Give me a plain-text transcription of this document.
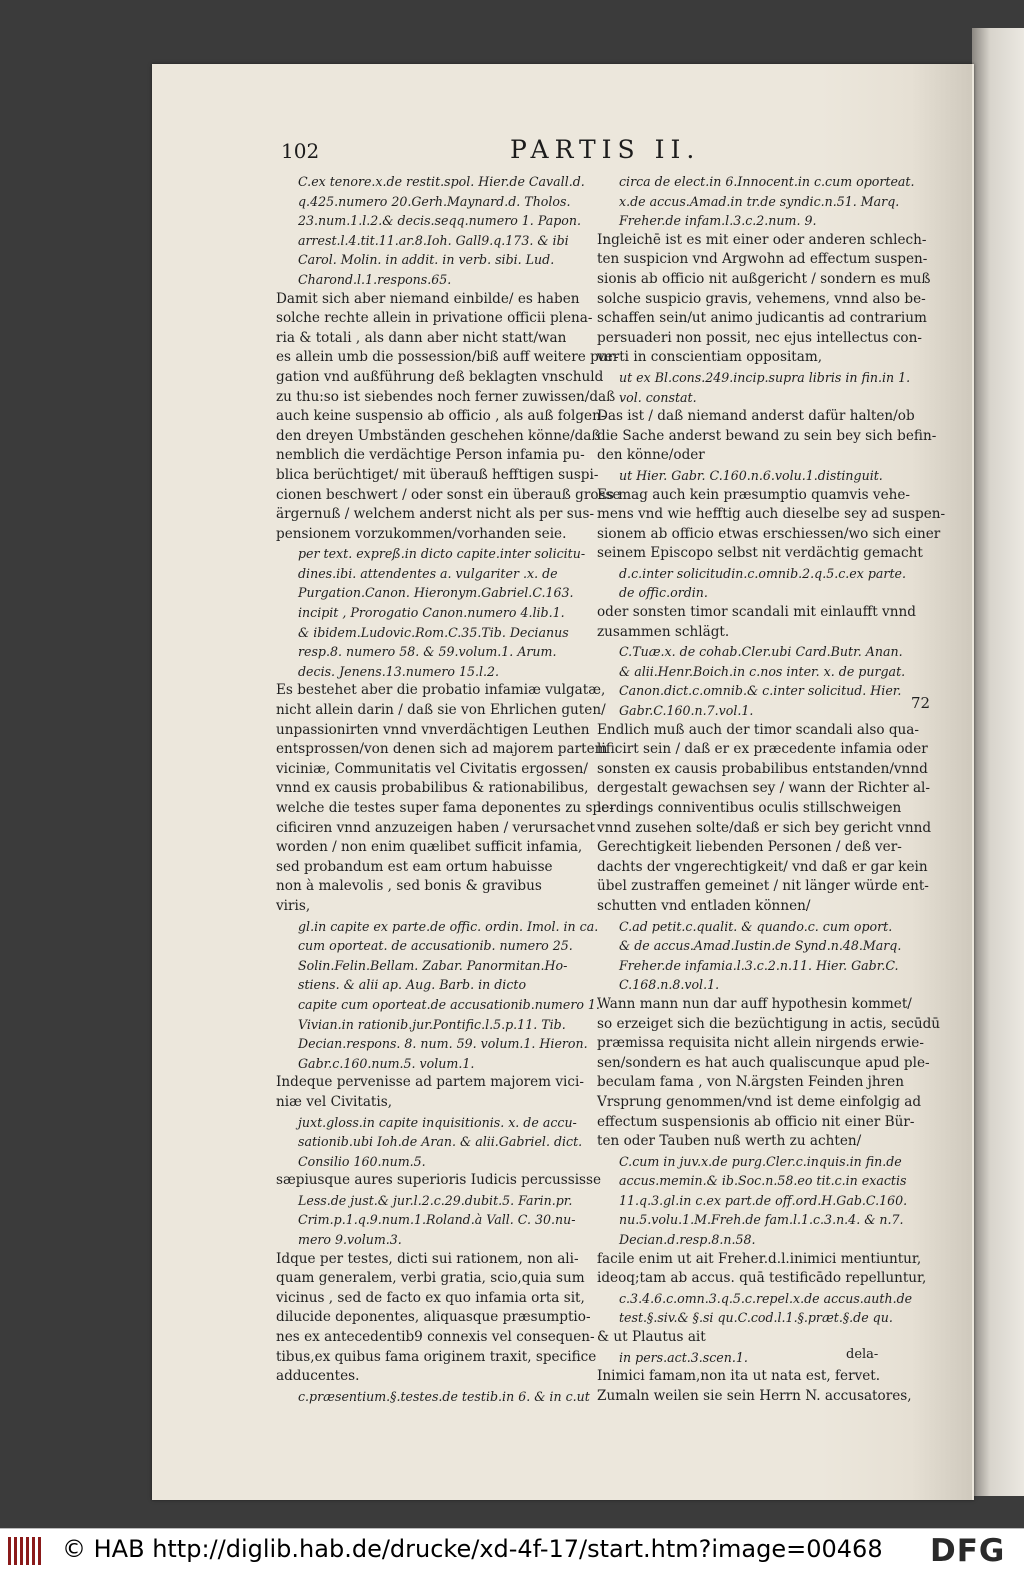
102	PARTIS II.
C.ex tenore.x.de restit.spol. Hier.de Cavall.d.
q.425.numero 20.Gerh.Maynard.d. Tholos.
23.num.1.l.2.& decis.seqq.numero 1. Papon.
arrest.l.4.tit.11.ar.8.Ioh. Gall9.q.173. & ibi
Carol. Molin. in addit. in verb. sibi. Lud.
Charond.l.1.respons.65.
Damit sich aber niemand einbilde/ es haben
solche rechte allein in privatione officii plena-
ria & totali , als dann aber nicht statt/wan
es allein umb die possession/biß auff weitere pur-
gation vnd außführung deß beklagten vnschuld
zu thu:so ist siebendes noch ferner zuwissen/daß
auch keine suspensio ab officio , als auß folgen-
den dreyen Umbständen geschehen könne/daß
nemblich die verdächtige Person infamia pu-
blica berüchtiget/ mit überauß hefftigen suspi-
cionen beschwert / oder sonst ein überauß grosse
ärgernuß / welchem anderst nicht als per sus-
pensionem vorzukommen/vorhanden seie.
per text. expreß.in dicto capite.inter solicitu-
dines.ibi. attendentes a. vulgariter .x. de
Purgation.Canon. Hieronym.Gabriel.C.163.
incipit , Prorogatio Canon.numero 4.lib.1.
& ibidem.Ludovic.Rom.C.35.Tib. Decianus
resp.8. numero 58. & 59.volum.1. Arum.
decis. Jenens.13.numero 15.l.2.
Es bestehet aber die probatio infamiæ vulgatæ,
nicht allein darin / daß sie von Ehrlichen guten/
unpassionirten vnnd vnverdächtigen Leuthen
entsprossen/von denen sich ad majorem partem
viciniæ, Communitatis vel Civitatis ergossen/
vnnd ex causis probabilibus & rationabilibus,
welche die testes super fama deponentes zu spe-
cificiren vnnd anzuzeigen haben / verursachet
worden / non enim quælibet sufficit infamia,
sed probandum est eam ortum habuisse
non à malevolis , sed bonis & gravibus
viris,
gl.in capite ex parte.de offic. ordin. Imol. in ca.
cum oporteat. de accusationib. numero 25.
Solin.Felin.Bellam. Zabar. Panormitan.Ho-
stiens. & alii ap. Aug. Barb. in dicto
capite cum oporteat.de accusationib.numero 1.
Vivian.in rationib.jur.Pontific.l.5.p.11. Tib.
Decian.respons. 8. num. 59. volum.1. Hieron.
Gabr.c.160.num.5. volum.1.
Indeque pervenisse ad partem majorem vici-
niæ vel Civitatis,
juxt.gloss.in capite inquisitionis. x. de accu-
sationib.ubi Ioh.de Aran. & alii.Gabriel. dict.
Consilio 160.num.5.
sæpiusque aures superioris Iudicis percussisse
Less.de just.& jur.l.2.c.29.dubit.5. Farin.pr.
Crim.p.1.q.9.num.1.Roland.à Vall. C. 30.nu-
mero 9.volum.3.
Idque per testes, dicti sui rationem, non ali-
quam generalem, verbi gratia, scio,quia sum
vicinus , sed de facto ex quo infamia orta sit,
dilucide deponentes, aliquasque præsumptio-
nes ex antecedentib9 connexis vel consequen-
tibus,ex quibus fama originem traxit, specifice
adducentes.
c.præsentium.§.testes.de testib.in 6. & in c.ut
circa de elect.in 6.Innocent.in c.cum oporteat.
x.de accus.Amad.in tr.de syndic.n.51. Marq.
Freher.de infam.l.3.c.2.num. 9.
Ingleichē ist es mit einer oder anderen schlech-
ten suspicion vnd Argwohn ad effectum suspen-
sionis ab officio nit außgericht / sondern es muß
solche suspicio gravis, vehemens, vnnd also be-
schaffen sein/ut animo judicantis ad contrarium
persuaderi non possit, nec ejus intellectus con-
verti in conscientiam oppositam,
ut ex Bl.cons.249.incip.supra libris in fin.in 1.
vol. constat.
Das ist / daß niemand anderst dafür halten/ob
die Sache anderst bewand zu sein bey sich befin-
den könne/oder
ut Hier. Gabr. C.160.n.6.volu.1.distinguit.
Es mag auch kein præsumptio quamvis vehe-
mens vnd wie hefftig auch dieselbe sey ad suspen-
sionem ab officio etwas erschiessen/wo sich einer
seinem Episcopo selbst nit verdächtig gemacht
d.c.inter solicitudin.c.omnib.2.q.5.c.ex parte.
de offic.ordin.
oder sonsten timor scandali mit einlaufft vnnd
zusammen schlägt.
C.Tuæ.x. de cohab.Cler.ubi Card.Butr. Anan.
& alii.Henr.Boich.in c.nos inter. x. de purgat.
Canon.dict.c.omnib.& c.inter solicitud. Hier.
Gabr.C.160.n.7.vol.1.
Endlich muß auch der timor scandali also qua-
lificirt sein / daß er ex præcedente infamia oder
sonsten ex causis probabilibus entstanden/vnnd
dergestalt gewachsen sey / wann der Richter al-
lerdings conniventibus oculis stillschweigen
vnnd zusehen solte/daß er sich bey gericht vnnd
Gerechtigkeit liebenden Personen / deß ver-
dachts der vngerechtigkeit/ vnd daß er gar kein
übel zustraffen gemeinet / nit länger würde ent-
schutten vnd entladen können/
C.ad petit.c.qualit. & quando.c. cum oport.
& de accus.Amad.Iustin.de Synd.n.48.Marq.
Freher.de infamia.l.3.c.2.n.11. Hier. Gabr.C.
C.168.n.8.vol.1.
Wann mann nun dar auff hypothesin kommet/
so erzeiget sich die bezüchtigung in actis, secūdū
præmissa requisita nicht allein nirgends erwie-
sen/sondern es hat auch qualiscunque apud ple-
beculam fama , von N.ärgsten Feinden jhren
Vrsprung genommen/vnd ist deme einfolgig ad
effectum suspensionis ab officio nit einer Bür-
ten oder Tauben nuß werth zu achten/
C.cum in juv.x.de purg.Cler.c.inquis.in fin.de
accus.memin.& ib.Soc.n.58.eo tit.c.in exactis
11.q.3.gl.in c.ex part.de off.ord.H.Gab.C.160.
nu.5.volu.1.M.Freh.de fam.l.1.c.3.n.4. & n.7.
Decian.d.resp.8.n.58.
facile enim ut ait Freher.d.l.inimici mentiuntur,
ideoq;tam ab accus. quā testificādo repelluntur,
c.3.4.6.c.omn.3.q.5.c.repel.x.de accus.auth.de
test.§.siv.& §.si qu.C.cod.l.1.§.præt.§.de qu.
& ut Plautus ait
in pers.act.3.scen.1.
Inimici famam,non ita ut nata est, fervet.
Zumaln weilen sie sein Herrn N. accusatores,
72
dela-
© HAB http://diglib.hab.de/drucke/xd-4f-17/start.htm?image=00468 DFG
